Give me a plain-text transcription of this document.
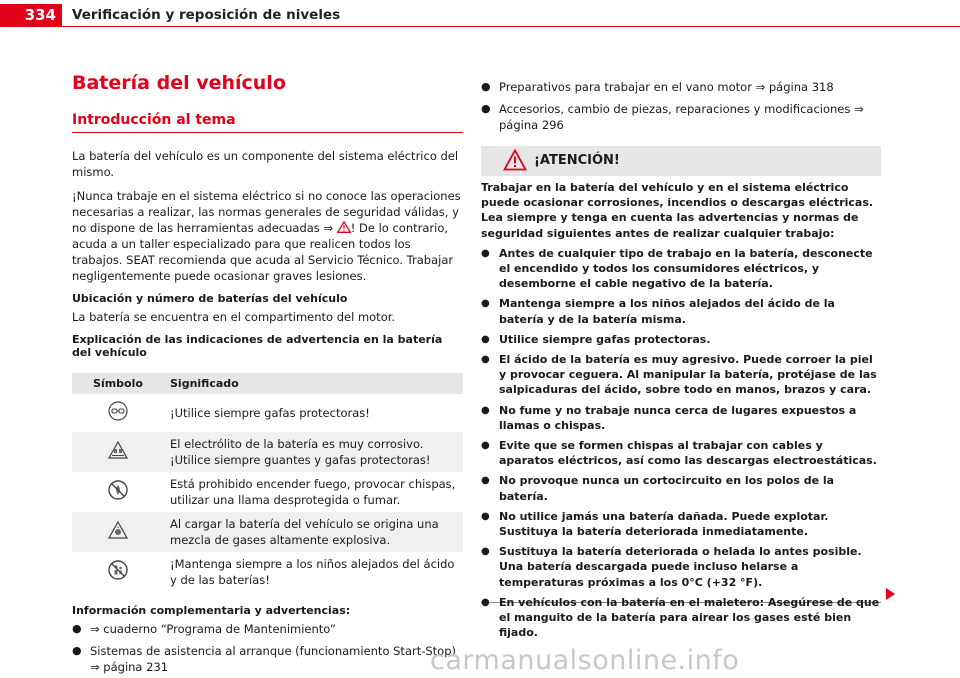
334	Verificación y reposición de niveles
Batería del vehículo
Introducción al tema

La batería del vehículo es un componente del sistema eléctrico del mismo.

¡Nunca trabaje en el sistema eléctrico si no conoce las operaciones necesarias a realizar, las normas generales de seguridad válidas, y no dispone de las herramientas adecuadas ⇒ ! De lo contrario, acuda a un taller especializado para que realicen todos los trabajos. SEAT recomienda que acuda al Servicio Técnico. Trabajar negligentemente puede ocasionar graves lesiones.

Ubicación y número de baterías del vehículo

La batería se encuentra en el compartimento del motor.

Explicación de las indicaciones de advertencia en la batería del vehículo

Símbolo	Significado
	¡Utilice siempre gafas protectoras!
	El electrólito de la batería es muy corrosivo. ¡Utilice siempre guantes y gafas protectoras!
	Está prohibido encender fuego, provocar chispas, utilizar una llama desprotegida o fumar.
	Al cargar la batería del vehículo se origina una mezcla de gases altamente explosiva.
	¡Mantenga siempre a los niños alejados del ácido y de las baterías!

Información complementaria y advertencias:

● ⇒ cuaderno “Programa de Mantenimiento”
● Sistemas de asistencia al arranque (funcionamiento Start-Stop) ⇒ página 231
● Preparativos para trabajar en el vano motor ⇒ página 318
● Accesorios, cambio de piezas, reparaciones y modificaciones ⇒ página 296
¡ATENCIÓN!

Trabajar en la batería del vehículo y en el sistema eléctrico puede ocasionar corrosiones, incendios o descargas eléctricas. Lea siempre y tenga en cuenta las advertencias y normas de seguridad siguientes antes de realizar cualquier trabajo:

● Antes de cualquier tipo de trabajo en la batería, desconecte el encendido y todos los consumidores eléctricos, y desemborne el cable negativo de la batería.
● Mantenga siempre a los niños alejados del ácido de la batería y de la batería misma.
● Utilice siempre gafas protectoras.
● El ácido de la batería es muy agresivo. Puede corroer la piel y provocar ceguera. Al manipular la batería, protéjase de las salpicaduras del ácido, sobre todo en manos, brazos y cara.
● No fume y no trabaje nunca cerca de lugares expuestos a llamas o chispas.
● Evite que se formen chispas al trabajar con cables y aparatos eléctricos, así como las descargas electroestáticas.
● No provoque nunca un cortocircuito en los polos de la batería.
● No utilice jamás una batería dañada. Puede explotar. Sustituya la batería deteriorada inmediatamente.
● Sustituya la batería deteriorada o helada lo antes posible. Una batería descargada puede incluso helarse a temperaturas próximas a los 0°C (+32 °F).
● En vehículos con la batería en el maletero: Asegúrese de que el manguito de la batería para airear los gases esté bien fijado.
carmanualsonline.info
